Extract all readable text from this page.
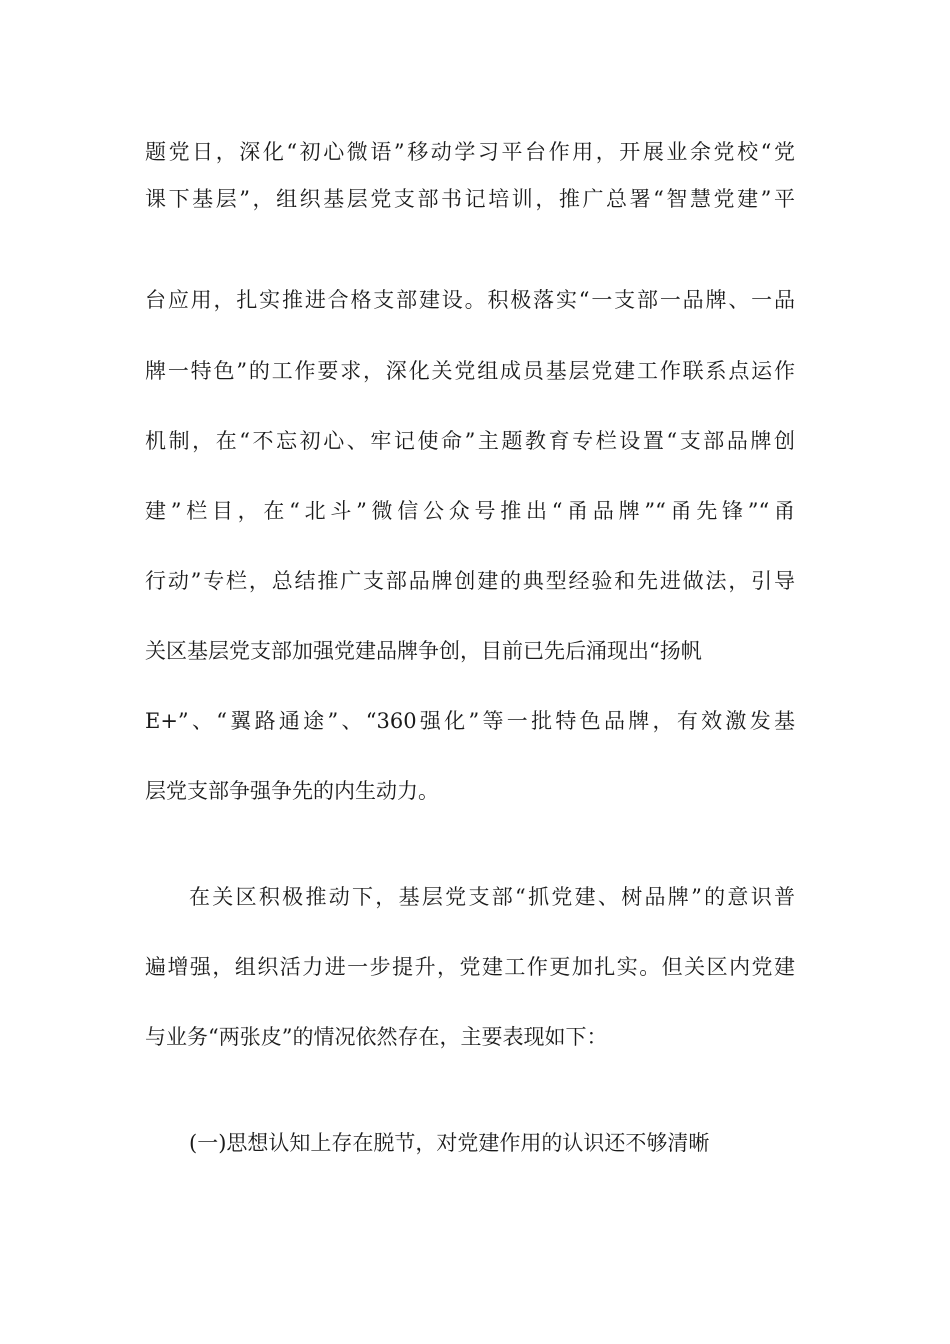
题党日，深化“初心微语”移动学习平台作用，开展业余党校“党
课下基层”，组织基层党支部书记培训，推广总署“智慧党建”平
台应用，扎实推进合格支部建设。积极落实“一支部一品牌、一品
牌一特色”的工作要求，深化关党组成员基层党建工作联系点运作
机制，在“不忘初心、牢记使命”主题教育专栏设置“支部品牌创
建”栏目，在“北斗”微信公众号推出“甬品牌”“甬先锋”“甬
行动”专栏，总结推广支部品牌创建的典型经验和先进做法，引导
关区基层党支部加强党建品牌争创，目前已先后涌现出“扬帆
E+”、“翼路通途”、“360强化”等一批特色品牌，有效激发基
层党支部争强争先的内生动力。
在关区积极推动下，基层党支部“抓党建、树品牌”的意识普
遍增强，组织活力进一步提升，党建工作更加扎实。但关区内党建
与业务“两张皮”的情况依然存在，主要表现如下：
(一)思想认知上存在脱节，对党建作用的认识还不够清晰
